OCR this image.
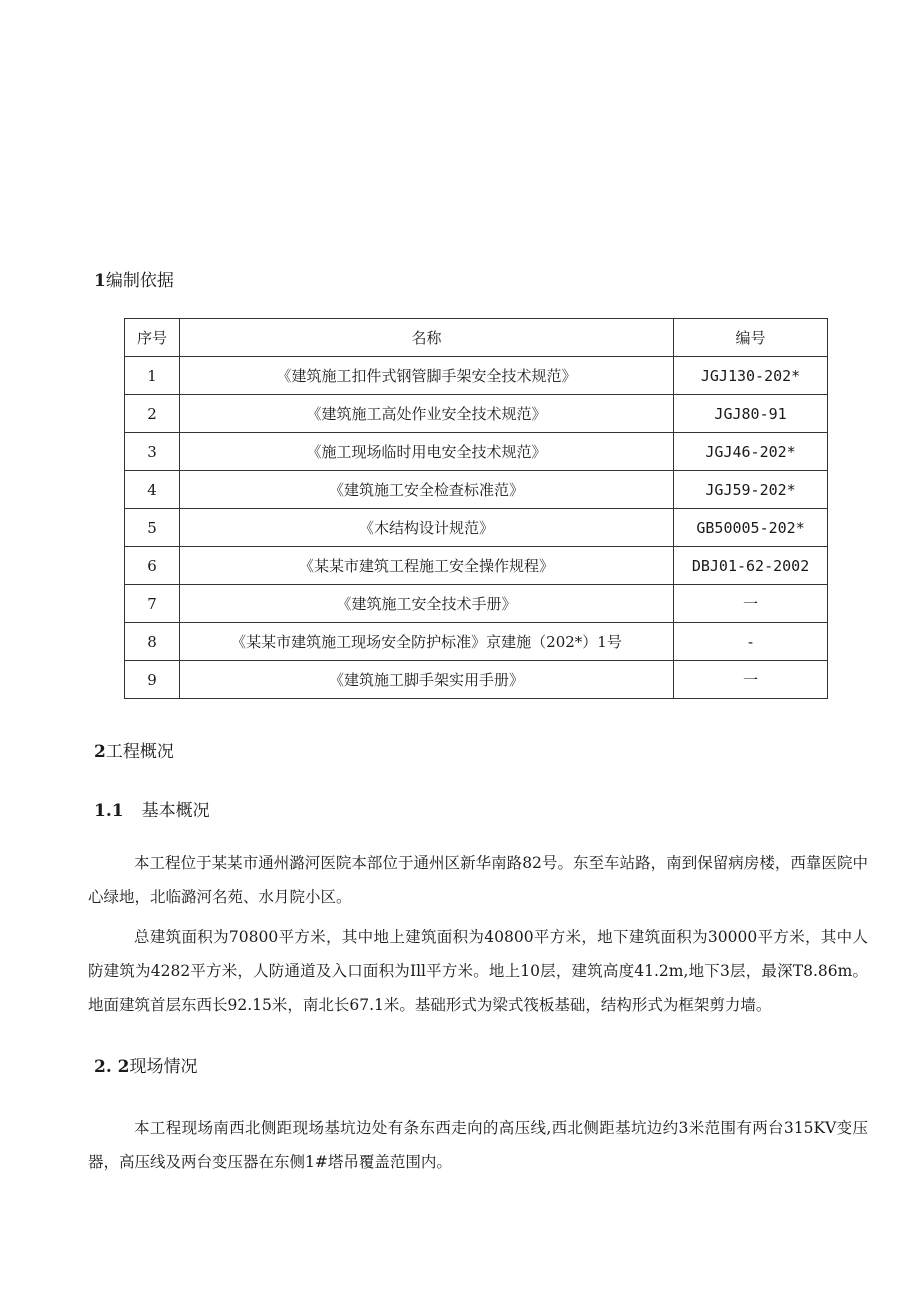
1编制依据
序号	名称	编号
1	《建筑施工扣件式钢管脚手架安全技术规范》	JGJ130-202*
2	《建筑施工高处作业安全技术规范》	JGJ80-91
3	《施工现场临时用电安全技术规范》	JGJ46-202*
4	《建筑施工安全检查标准范》	JGJ59-202*
5	《木结构设计规范》	GB50005-202*
6	《某某市建筑工程施工安全操作规程》	DBJ01-62-2002
7	《建筑施工安全技术手册》	一
8	《某某市建筑施工现场安全防护标准》京建施（202*）1号	-
9	《建筑施工脚手架实用手册》	一
2工程概况
1.1 基本概况
本工程位于某某市通州潞河医院本部位于通州区新华南路82号。东至车站路，南到保留病房楼，西靠医院中心绿地，北临潞河名苑、水月院小区。
总建筑面积为70800平方米，其中地上建筑面积为40800平方米，地下建筑面积为30000平方米，其中人防建筑为4282平方米，人防通道及入口面积为Ill平方米。地上10层，建筑高度41.2m,地下3层，最深T8.86m。地面建筑首层东西长92.15米，南北长67.1米。基础形式为梁式筏板基础，结构形式为框架剪力墙。
2. 2现场情况
本工程现场南西北侧距现场基坑边处有条东西走向的高压线,西北侧距基坑边约3米范围有两台315KV变压器，高压线及两台变压器在东侧1#塔吊覆盖范围内。
